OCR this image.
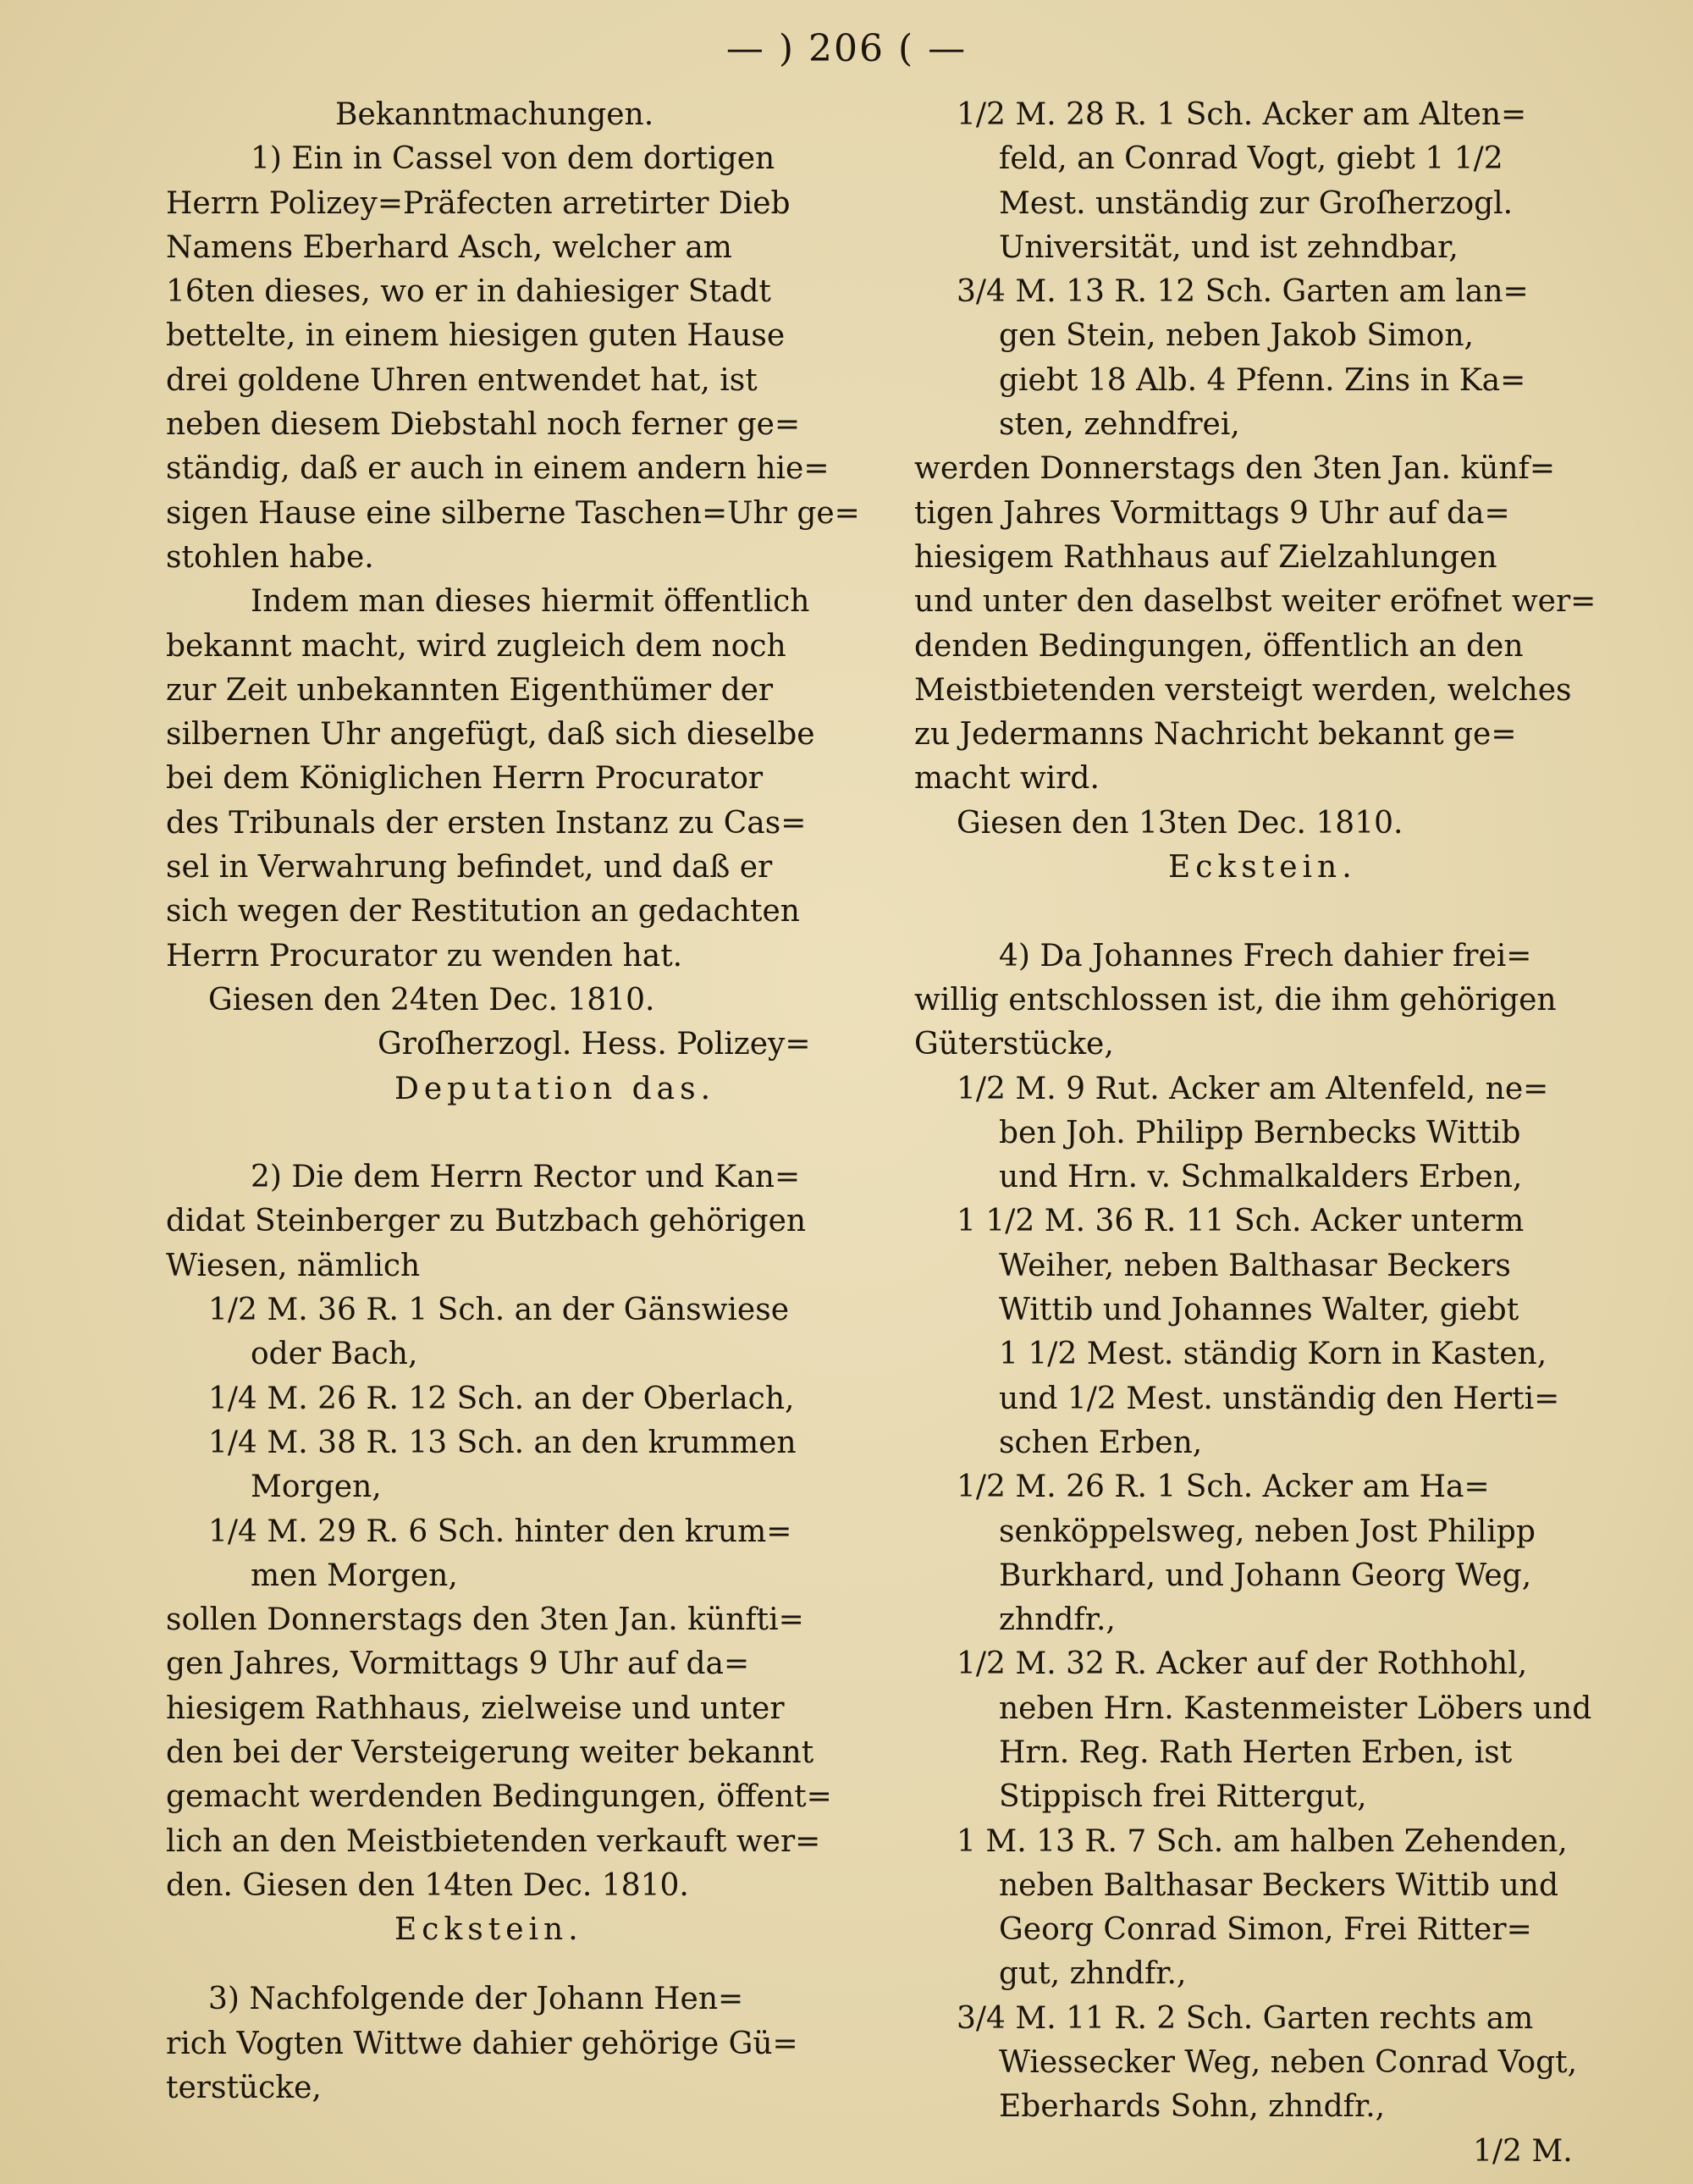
— ) 206 ( —
Bekanntmachungen.
1) Ein in Cassel von dem dortigen
Herrn Polizey=Präfecten arretirter Dieb
Namens Eberhard Asch, welcher am
16ten dieses, wo er in dahiesiger Stadt
bettelte, in einem hiesigen guten Hause
drei goldene Uhren entwendet hat, ist
neben diesem Diebstahl noch ferner ge=
ständig, daß er auch in einem andern hie=
sigen Hause eine silberne Taschen=Uhr ge=
stohlen habe.
Indem man dieses hiermit öffentlich
bekannt macht, wird zugleich dem noch
zur Zeit unbekannten Eigenthümer der
silbernen Uhr angefügt, daß sich dieselbe
bei dem Königlichen Herrn Procurator
des Tribunals der ersten Instanz zu Cas=
sel in Verwahrung befindet, und daß er
sich wegen der Restitution an gedachten
Herrn Procurator zu wenden hat.
Giesen den 24ten Dec. 1810.
Groſherzogl. Hess. Polizey=
Deputation das.
2) Die dem Herrn Rector und Kan=
didat Steinberger zu Butzbach gehörigen
Wiesen, nämlich
1/2 M. 36 R. 1 Sch. an der Gänswiese
oder Bach,
1/4 M. 26 R. 12 Sch. an der Oberlach,
1/4 M. 38 R. 13 Sch. an den krummen
Morgen,
1/4 M. 29 R. 6 Sch. hinter den krum=
men Morgen,
sollen Donnerstags den 3ten Jan. künfti=
gen Jahres, Vormittags 9 Uhr auf da=
hiesigem Rathhaus, zielweise und unter
den bei der Versteigerung weiter bekannt
gemacht werdenden Bedingungen, öffent=
lich an den Meistbietenden verkauft wer=
den. Giesen den 14ten Dec. 1810.
Eckstein.
3) Nachfolgende der Johann Hen=
rich Vogten Wittwe dahier gehörige Gü=
terstücke,
1/2 M. 28 R. 1 Sch. Acker am Alten=
feld, an Conrad Vogt, giebt 1 1/2
Mest. unständig zur Groſherzogl.
Universität, und ist zehndbar,
3/4 M. 13 R. 12 Sch. Garten am lan=
gen Stein, neben Jakob Simon,
giebt 18 Alb. 4 Pfenn. Zins in Ka=
sten, zehndfrei,
werden Donnerstags den 3ten Jan. künf=
tigen Jahres Vormittags 9 Uhr auf da=
hiesigem Rathhaus auf Zielzahlungen
und unter den daselbst weiter eröfnet wer=
denden Bedingungen, öffentlich an den
Meistbietenden versteigt werden, welches
zu Jedermanns Nachricht bekannt ge=
macht wird.
Giesen den 13ten Dec. 1810.
Eckstein.
4) Da Johannes Frech dahier frei=
willig entschlossen ist, die ihm gehörigen
Güterstücke,
1/2 M. 9 Rut. Acker am Altenfeld, ne=
ben Joh. Philipp Bernbecks Wittib
und Hrn. v. Schmalkalders Erben,
1 1/2 M. 36 R. 11 Sch. Acker unterm
Weiher, neben Balthasar Beckers
Wittib und Johannes Walter, giebt
1 1/2 Mest. ständig Korn in Kasten,
und 1/2 Mest. unständig den Herti=
schen Erben,
1/2 M. 26 R. 1 Sch. Acker am Ha=
senköppelsweg, neben Jost Philipp
Burkhard, und Johann Georg Weg,
zhndfr.,
1/2 M. 32 R. Acker auf der Rothhohl,
neben Hrn. Kastenmeister Löbers und
Hrn. Reg. Rath Herten Erben, ist
Stippisch frei Rittergut,
1 M. 13 R. 7 Sch. am halben Zehenden,
neben Balthasar Beckers Wittib und
Georg Conrad Simon, Frei Ritter=
gut, zhndfr.,
3/4 M. 11 R. 2 Sch. Garten rechts am
Wiessecker Weg, neben Conrad Vogt,
Eberhards Sohn, zhndfr.,
1/2 M.
